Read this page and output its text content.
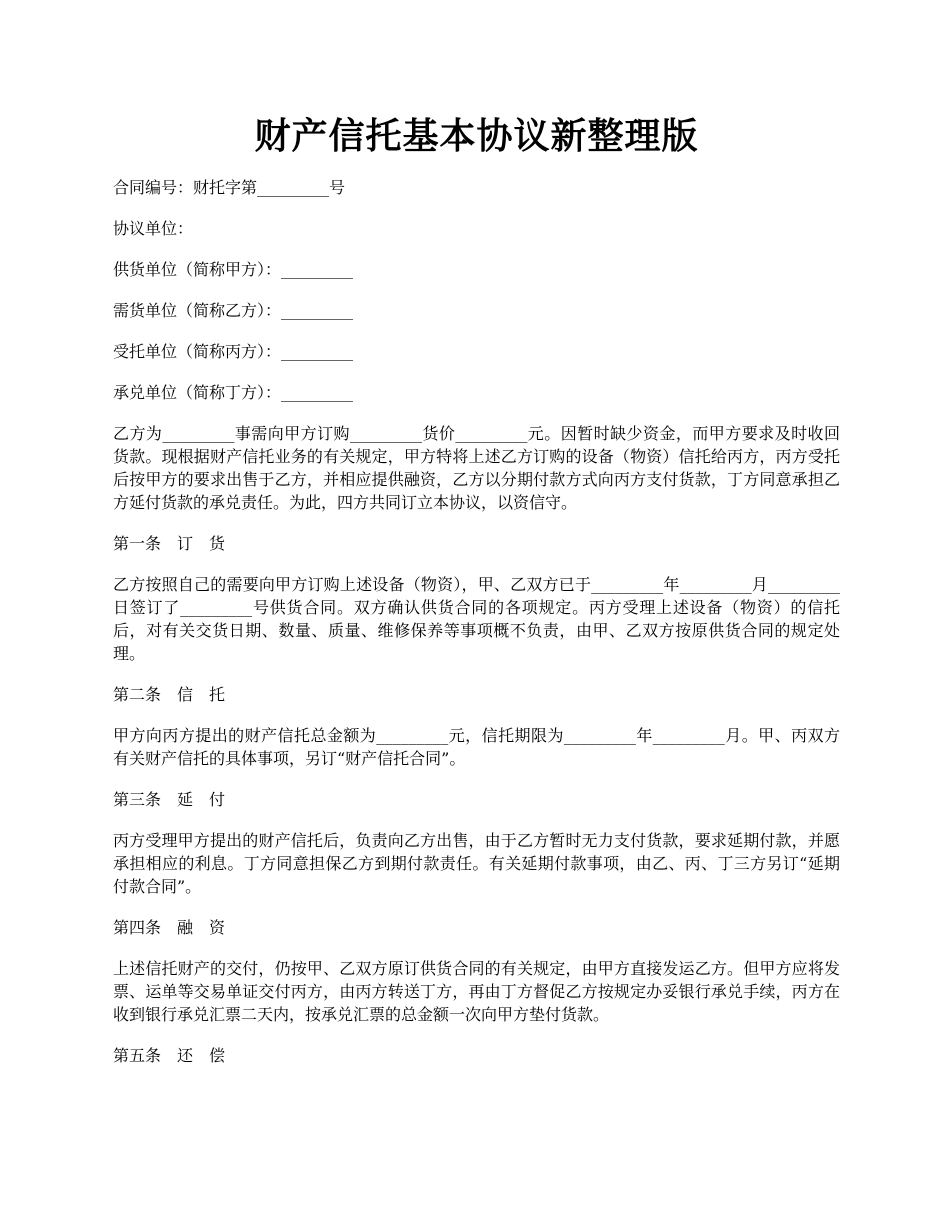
财产信托基本协议新整理版

合同编号：财托字第_________号

协议单位：

供货单位（简称甲方）：_________

需货单位（简称乙方）：_________

受托单位（简称丙方）：_________

承兑单位（简称丁方）：_________

乙方为_________事需向甲方订购_________货价_________元。因暂时缺少资金，而甲方要求及时收回货款。现根据财产信托业务的有关规定，甲方特将上述乙方订购的设备（物资）信托给丙方，丙方受托后按甲方的要求出售于乙方，并相应提供融资，乙方以分期付款方式向丙方支付货款，丁方同意承担乙方延付货款的承兑责任。为此，四方共同订立本协议，以资信守。

第一条　订　货

乙方按照自己的需要向甲方订购上述设备（物资），甲、乙双方已于_________年_________月_________日签订了_________号供货合同。双方确认供货合同的各项规定。丙方受理上述设备（物资）的信托后，对有关交货日期、数量、质量、维修保养等事项概不负责，由甲、乙双方按原供货合同的规定处理。

第二条　信　托

甲方向丙方提出的财产信托总金额为_________元，信托期限为_________年_________月。甲、丙双方有关财产信托的具体事项，另订“财产信托合同”。

第三条　延　付

丙方受理甲方提出的财产信托后，负责向乙方出售，由于乙方暂时无力支付货款，要求延期付款，并愿承担相应的利息。丁方同意担保乙方到期付款责任。有关延期付款事项，由乙、丙、丁三方另订“延期付款合同”。

第四条　融　资

上述信托财产的交付，仍按甲、乙双方原订供货合同的有关规定，由甲方直接发运乙方。但甲方应将发票、运单等交易单证交付丙方，由丙方转送丁方，再由丁方督促乙方按规定办妥银行承兑手续，丙方在收到银行承兑汇票二天内，按承兑汇票的总金额一次向甲方垫付货款。

第五条　还　偿
